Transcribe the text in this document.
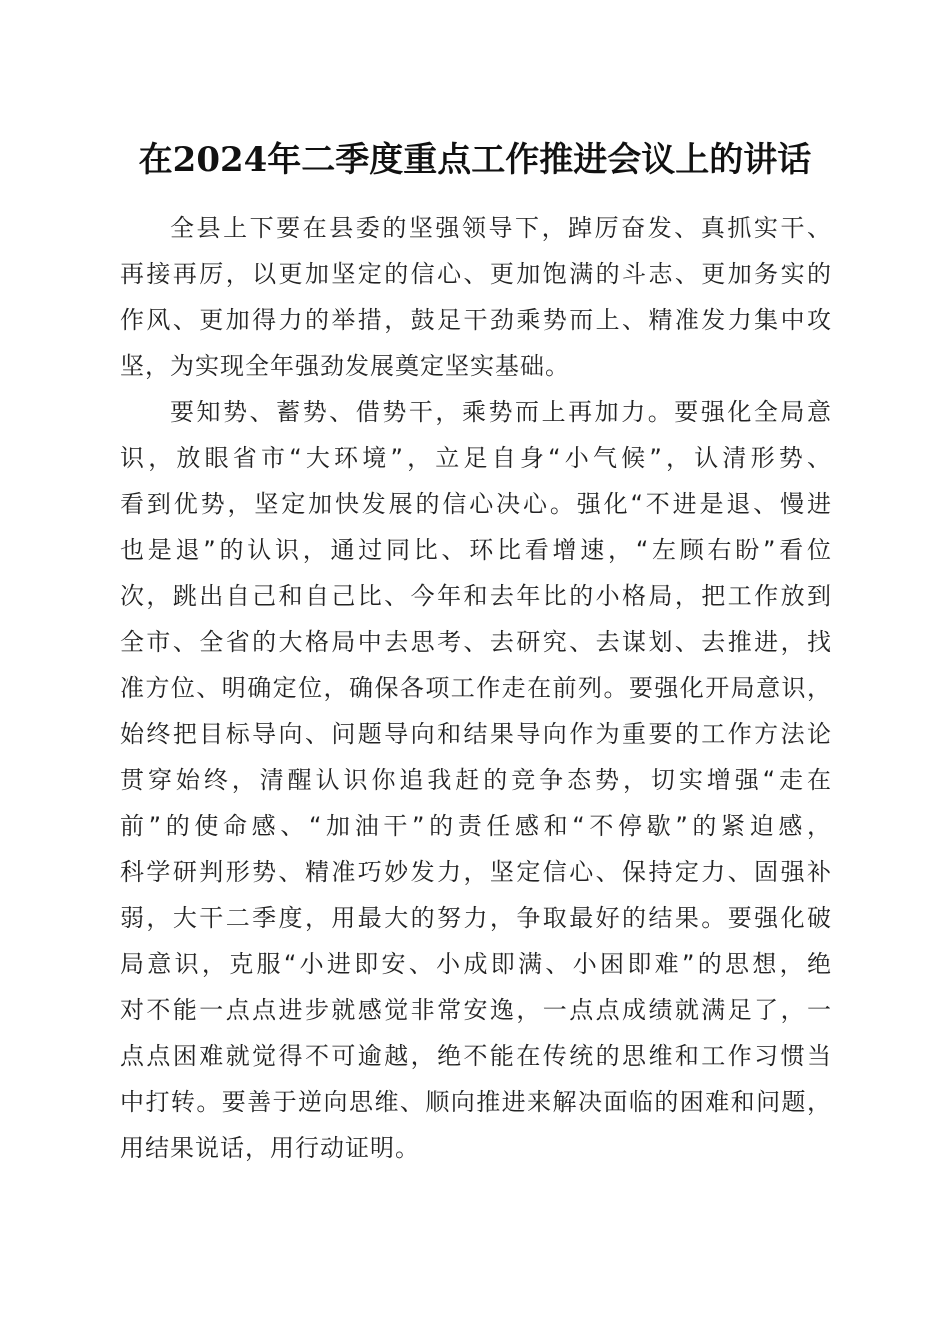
在2024年二季度重点工作推进会议上的讲话
全县上下要在县委的坚强领导下，踔厉奋发、真抓实干、
再接再厉，以更加坚定的信心、更加饱满的斗志、更加务实的
作风、更加得力的举措，鼓足干劲乘势而上、精准发力集中攻
坚，为实现全年强劲发展奠定坚实基础。
要知势、蓄势、借势干，乘势而上再加力。要强化全局意
识，放眼省市“大环境”，立足自身“小气候”，认清形势、
看到优势，坚定加快发展的信心决心。强化“不进是退、慢进
也是退”的认识，通过同比、环比看增速，“左顾右盼”看位
次，跳出自己和自己比、今年和去年比的小格局，把工作放到
全市、全省的大格局中去思考、去研究、去谋划、去推进，找
准方位、明确定位，确保各项工作走在前列。要强化开局意识，
始终把目标导向、问题导向和结果导向作为重要的工作方法论
贯穿始终，清醒认识你追我赶的竞争态势，切实增强“走在
前”的使命感、“加油干”的责任感和“不停歇”的紧迫感，
科学研判形势、精准巧妙发力，坚定信心、保持定力、固强补
弱，大干二季度，用最大的努力，争取最好的结果。要强化破
局意识，克服“小进即安、小成即满、小困即难”的思想，绝
对不能一点点进步就感觉非常安逸，一点点成绩就满足了，一
点点困难就觉得不可逾越，绝不能在传统的思维和工作习惯当
中打转。要善于逆向思维、顺向推进来解决面临的困难和问题，
用结果说话，用行动证明。
